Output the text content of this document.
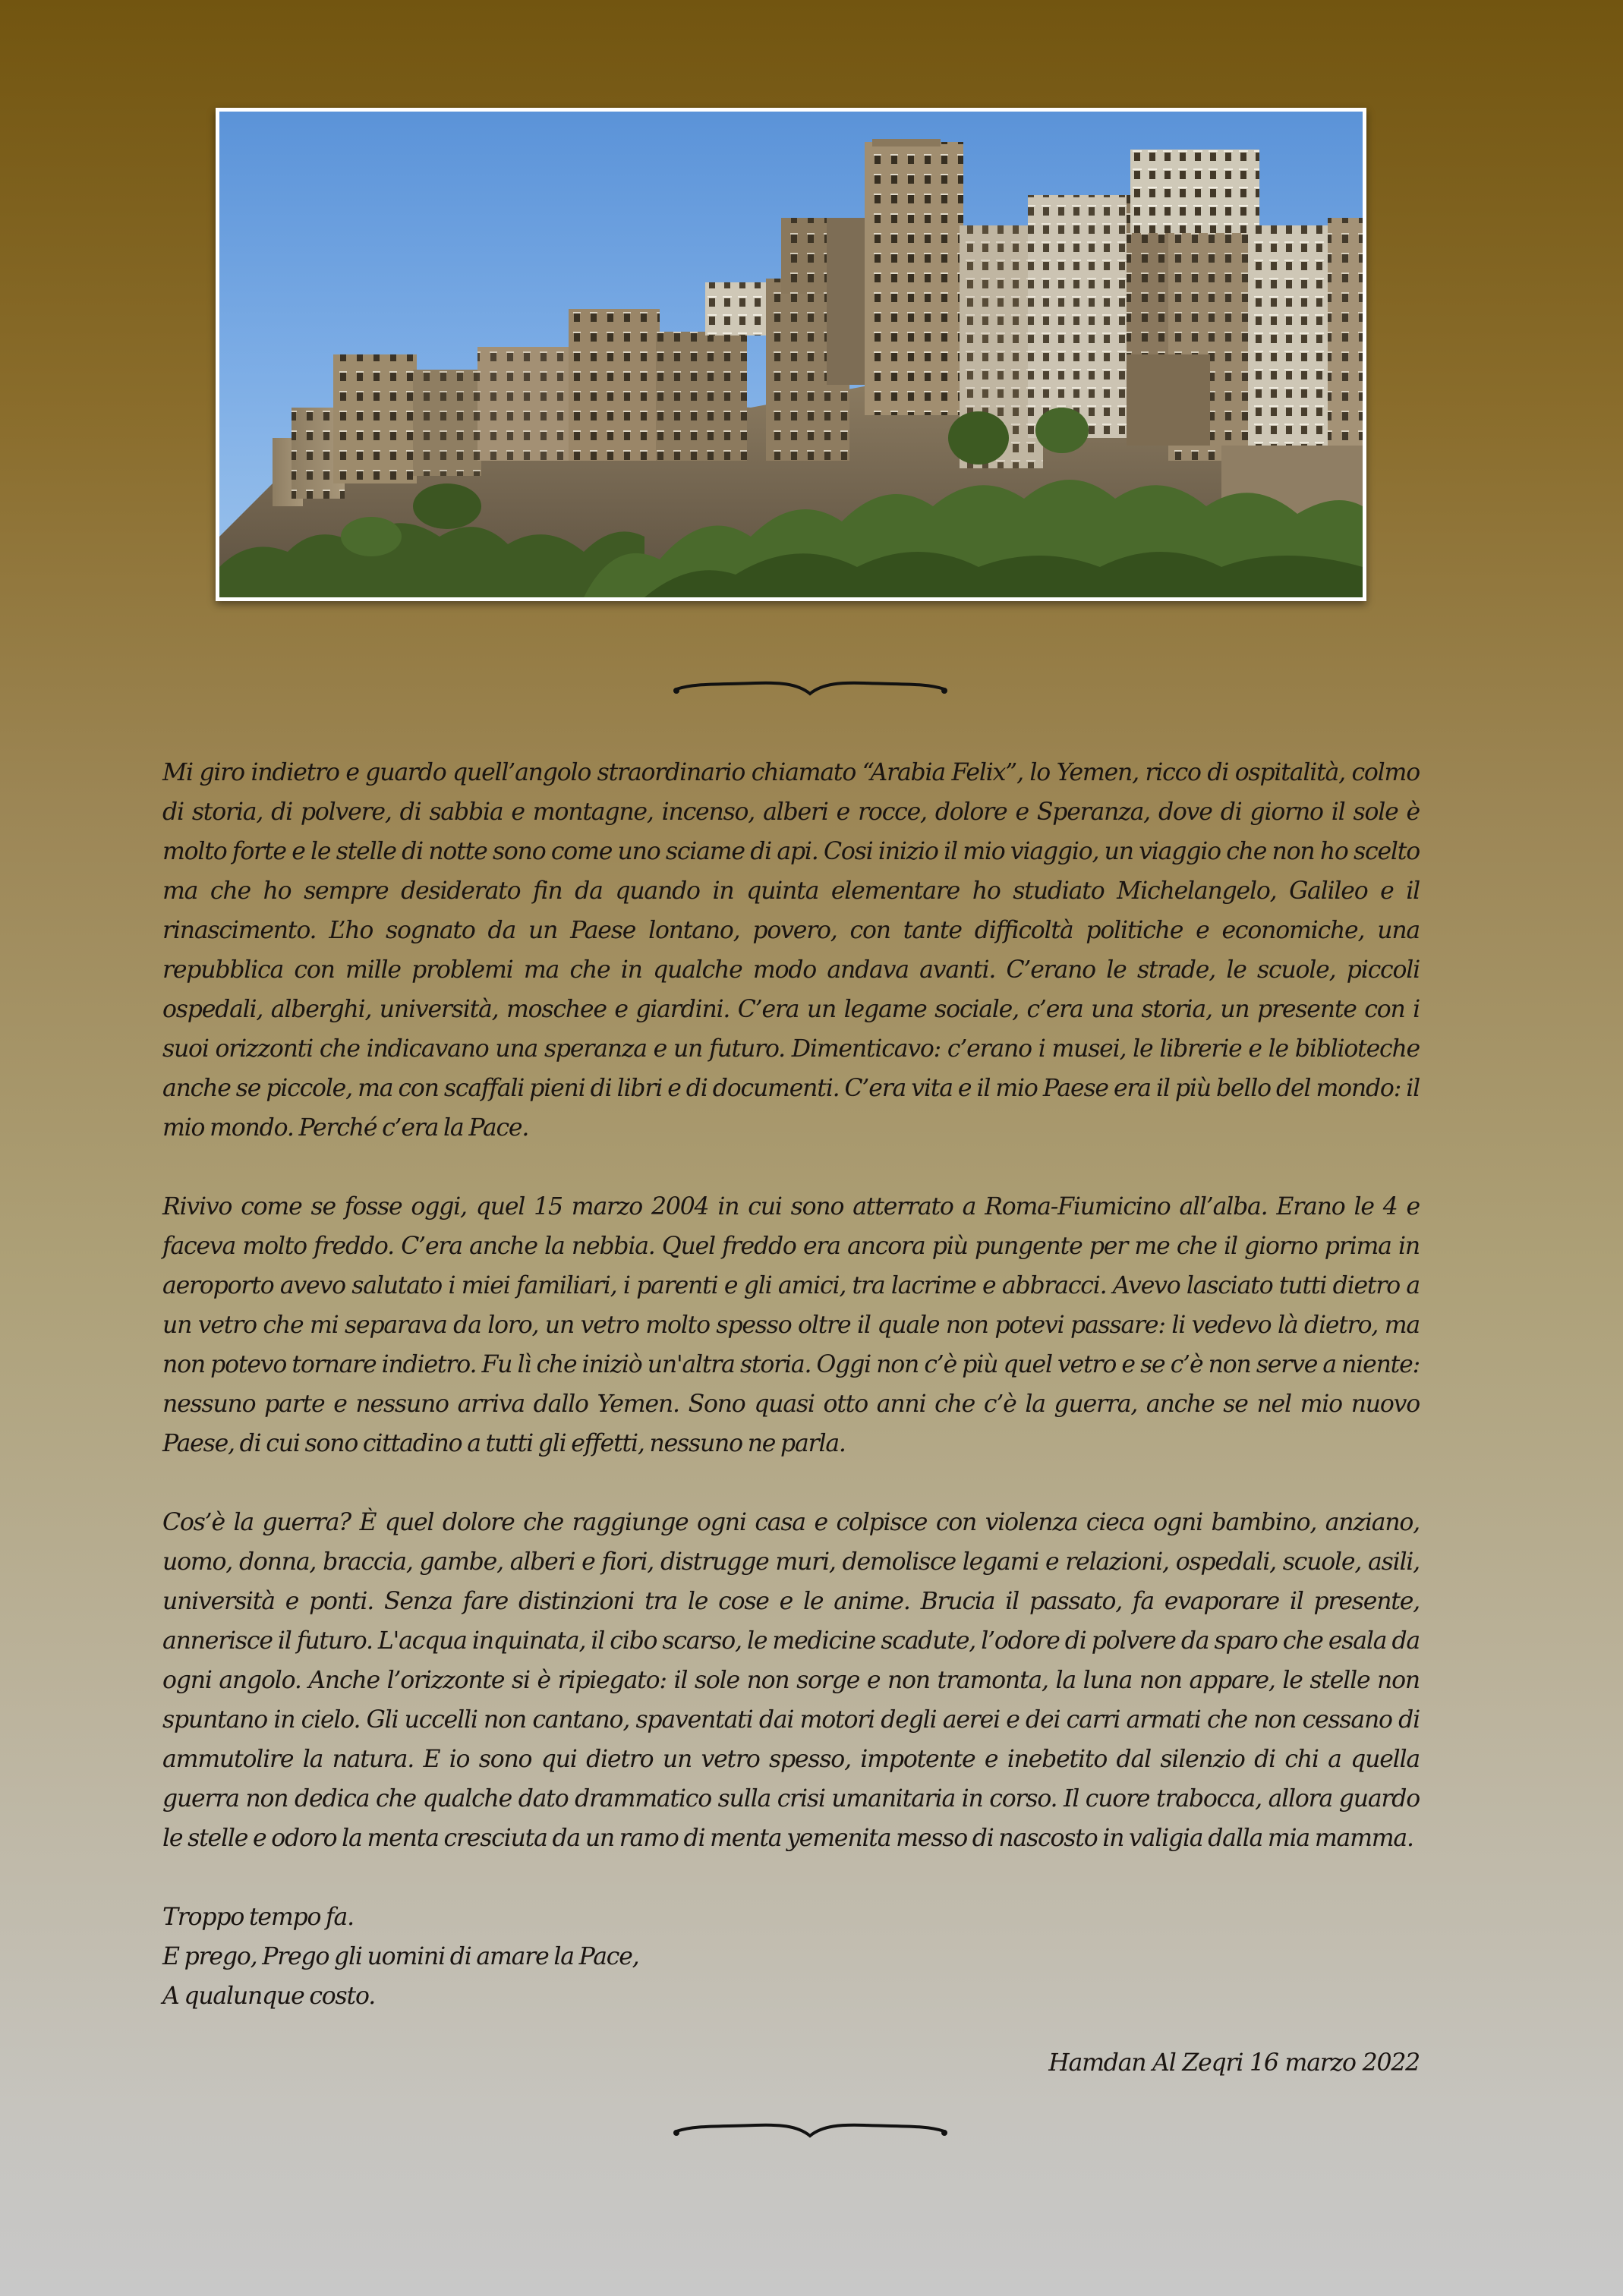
Mi giro indietro e guardo quell’angolo straordinario chiamato “Arabia Felix”, lo Yemen, ricco di ospitalità, colmo di storia, di polvere, di sabbia e montagne, incenso, alberi e rocce, dolore e Speranza, dove di giorno il sole è molto forte e le stelle di notte sono come uno sciame di api. Cosi inizio il mio viaggio, un viaggio che non ho scelto ma che ho sempre desiderato fin da quando in quinta elementare ho studiato Michelangelo, Galileo e il rinascimento. L’ho sognato da un Paese lontano, povero, con tante difficoltà politiche e economiche, una repubblica con mille problemi ma che in qualche modo andava avanti. C’erano le strade, le scuole, piccoli ospedali, alberghi, università, moschee e giardini. C’era un legame sociale, c’era una storia, un presente con i suoi orizzonti che indicavano una speranza e un futuro. Dimenticavo: c’erano i musei, le librerie e le biblioteche anche se piccole, ma con scaffali pieni di libri e di documenti. C’era vita e il mio Paese era il più bello del mondo: il mio mondo. Perché c’era la Pace.

Rivivo come se fosse oggi, quel 15 marzo 2004 in cui sono atterrato a Roma-Fiumicino all’alba. Erano le 4 e faceva molto freddo. C’era anche la nebbia. Quel freddo era ancora più pungente per me che il giorno prima in aeroporto avevo salutato i miei familiari, i parenti e gli amici, tra lacrime e abbracci. Avevo lasciato tutti dietro a un vetro che mi separava da loro, un vetro molto spesso oltre il quale non potevi passare: li vedevo là dietro, ma non potevo tornare indietro. Fu lì che iniziò un'altra storia. Oggi non c’è più quel vetro e se c’è non serve a niente: nessuno parte e nessuno arriva dallo Yemen. Sono quasi otto anni che c’è la guerra, anche se nel mio nuovo Paese, di cui sono cittadino a tutti gli effetti, nessuno ne parla.

Cos’è la guerra? È quel dolore che raggiunge ogni casa e colpisce con violenza cieca ogni bambino, anziano, uomo, donna, braccia, gambe, alberi e fiori, distrugge muri, demolisce legami e relazioni, ospedali, scuole, asili, università e ponti. Senza fare distinzioni tra le cose e le anime. Brucia il passato, fa evaporare il presente, annerisce il futuro. L'acqua inquinata, il cibo scarso, le medicine scadute, l’odore di polvere da sparo che esala da ogni angolo. Anche l’orizzonte si è ripiegato: il sole non sorge e non tramonta, la luna non appare, le stelle non spuntano in cielo. Gli uccelli non cantano, spaventati dai motori degli aerei e dei carri armati che non cessano di ammutolire la natura. E io sono qui dietro un vetro spesso, impotente e inebetito dal silenzio di chi a quella guerra non dedica che qualche dato drammatico sulla crisi umanitaria in corso. Il cuore trabocca, allora guardo le stelle e odoro la menta cresciuta da un ramo di menta yemenita messo di nascosto in valigia dalla mia mamma.

Troppo tempo fa.
E prego, Prego gli uomini di amare la Pace,
A qualunque costo.
Hamdan Al Zeqri 16 marzo 2022
